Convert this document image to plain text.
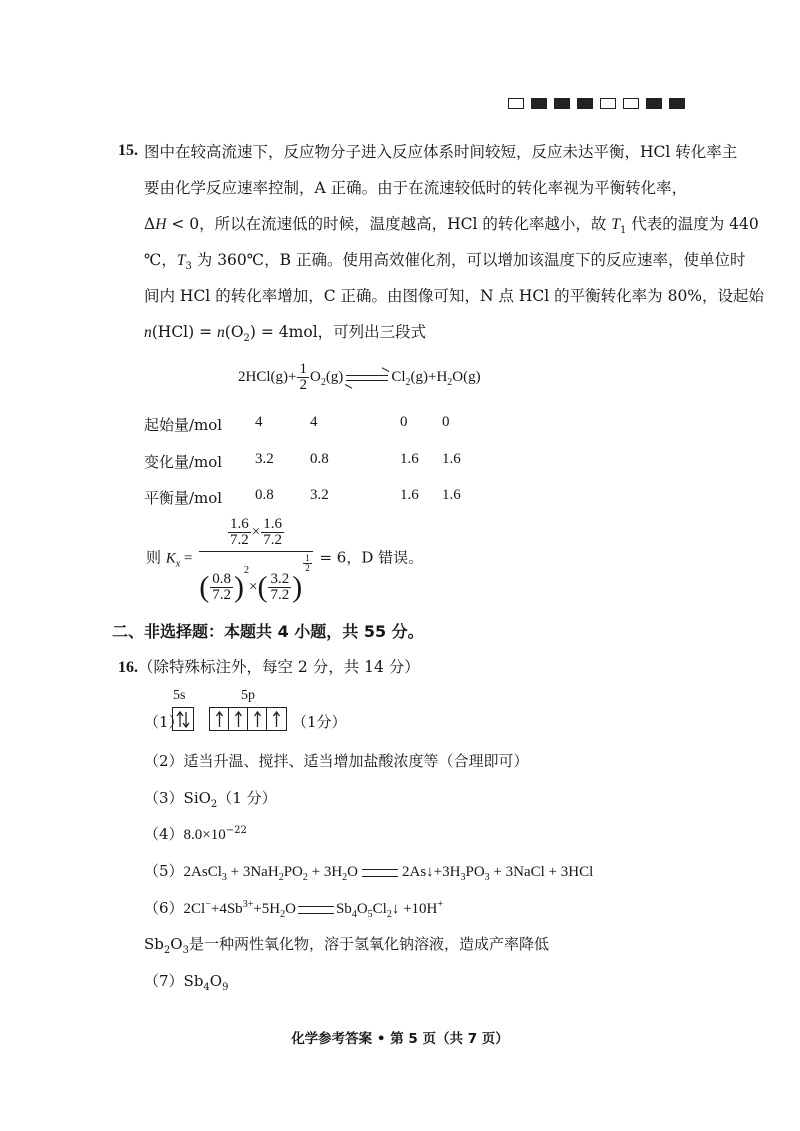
15. 图中在较高流速下，反应物分子进入反应体系时间较短，反应未达平衡，HCl 转化率主
要由化学反应速率控制，A 正确。由于在流速较低时的转化率视为平衡转化率，
ΔH < 0，所以在流速低的时候，温度越高，HCl 的转化率越小，故 $T_1$ 代表的温度为 440
℃，$T_3$ 为 360℃，B 正确。使用高效催化剂，可以增加该温度下的反应速率，使单位时
间内 HCl 的转化率增加，C 正确。由图像可知，N 点 HCl 的平衡转化率为 80%，设起始
$n(HCl) = n(O_2) = 4mol$，可列出三段式
$2HCl(g)+ \frac{1}{2} O_2(g)$	$Cl_2(g)+H_2O(g)$
起始量/mol 4	4	0 0
变化量/mol 3.2 0.8	1.6 1.6
平衡量/mol 0.8 3.2	1.6 1.6
则 $K_x = \frac{1.6}{7.2} \times \frac{1.6}{7.2}$
( $\frac{0.8}{7.2} )^2\times( \frac{3.2}{7.2}$ )
$\frac{1}{2} = 6$，D 错误。
二、非选择题：本题共 4 小题，共 55 分。
16.（除特殊标注外，每空 2 分，共 14 分）
（1）
5s	5p
（1分）
（2）适当升温、搅拌、适当增加盐酸浓度等（合理即可）
（3）SiO$_2$（1 分）
$(4)8.0\times 10^{-22}$
（5）2AsCl$_3$ + $3NaH_2PO_2 + 3H_2O$	$2As↓+3H_3PO_3$ + 3NaCl + 3HCl
$(6)2Cl^-+4Sb^{3+}+5H_2O$	$Sb_4O_5Cl_2↓ +10H^+$
$Sb_2O_3$是一种两性氧化物，溶于氢氧化钠溶液，造成产率降低
$(7)Sb_4O_9$
化学参考答案 • 第 5 页（共 7 页）
